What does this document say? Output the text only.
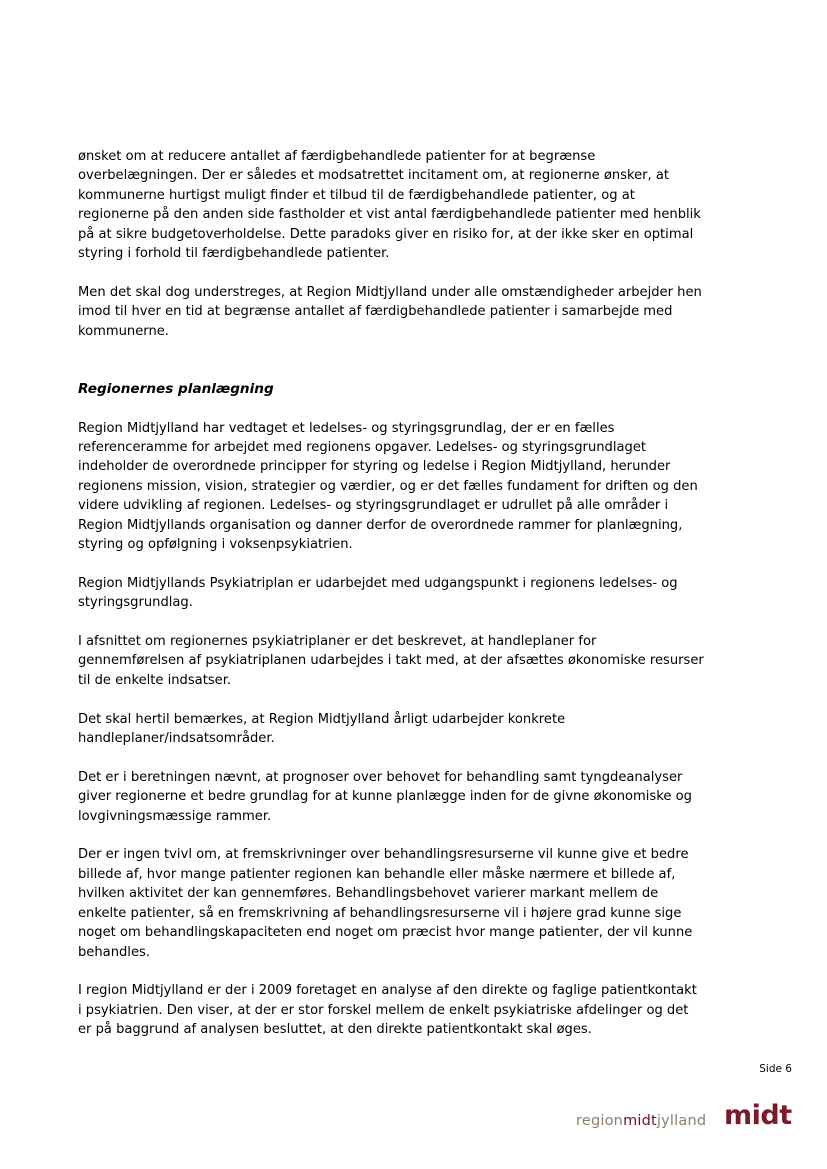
ønsket om at reducere antallet af færdigbehandlede patienter for at begrænse
overbelægningen. Der er således et modsatrettet incitament om, at regionerne ønsker, at
kommunerne hurtigst muligt finder et tilbud til de færdigbehandlede patienter, og at
regionerne på den anden side fastholder et vist antal færdigbehandlede patienter med henblik
på at sikre budgetoverholdelse. Dette paradoks giver en risiko for, at der ikke sker en optimal
styring i forhold til færdigbehandlede patienter.
Men det skal dog understreges, at Region Midtjylland under alle omstændigheder arbejder hen
imod til hver en tid at begrænse antallet af færdigbehandlede patienter i samarbejde med
kommunerne.
Regionernes planlægning
Region Midtjylland har vedtaget et ledelses- og styringsgrundlag, der er en fælles
referenceramme for arbejdet med regionens opgaver. Ledelses- og styringsgrundlaget
indeholder de overordnede principper for styring og ledelse i Region Midtjylland, herunder
regionens mission, vision, strategier og værdier, og er det fælles fundament for driften og den
videre udvikling af regionen. Ledelses- og styringsgrundlaget er udrullet på alle områder i
Region Midtjyllands organisation og danner derfor de overordnede rammer for planlægning,
styring og opfølgning i voksenpsykiatrien.
Region Midtjyllands Psykiatriplan er udarbejdet med udgangspunkt i regionens ledelses- og
styringsgrundlag.
I afsnittet om regionernes psykiatriplaner er det beskrevet, at handleplaner for
gennemførelsen af psykiatriplanen udarbejdes i takt med, at der afsættes økonomiske resurser
til de enkelte indsatser.
Det skal hertil bemærkes, at Region Midtjylland årligt udarbejder konkrete
handleplaner/indsatsområder.
Det er i beretningen nævnt, at prognoser over behovet for behandling samt tyngdeanalyser
giver regionerne et bedre grundlag for at kunne planlægge inden for de givne økonomiske og
lovgivningsmæssige rammer.
Der er ingen tvivl om, at fremskrivninger over behandlingsresurserne vil kunne give et bedre
billede af, hvor mange patienter regionen kan behandle eller måske nærmere et billede af,
hvilken aktivitet der kan gennemføres. Behandlingsbehovet varierer markant mellem de
enkelte patienter, så en fremskrivning af behandlingsresurserne vil i højere grad kunne sige
noget om behandlingskapaciteten end noget om præcist hvor mange patienter, der vil kunne
behandles.
I region Midtjylland er der i 2009 foretaget en analyse af den direkte og faglige patientkontakt
i psykiatrien. Den viser, at der er stor forskel mellem de enkelt psykiatriske afdelinger og det
er på baggrund af analysen besluttet, at den direkte patientkontakt skal øges.
Side 6
regionmidtjylland midt
